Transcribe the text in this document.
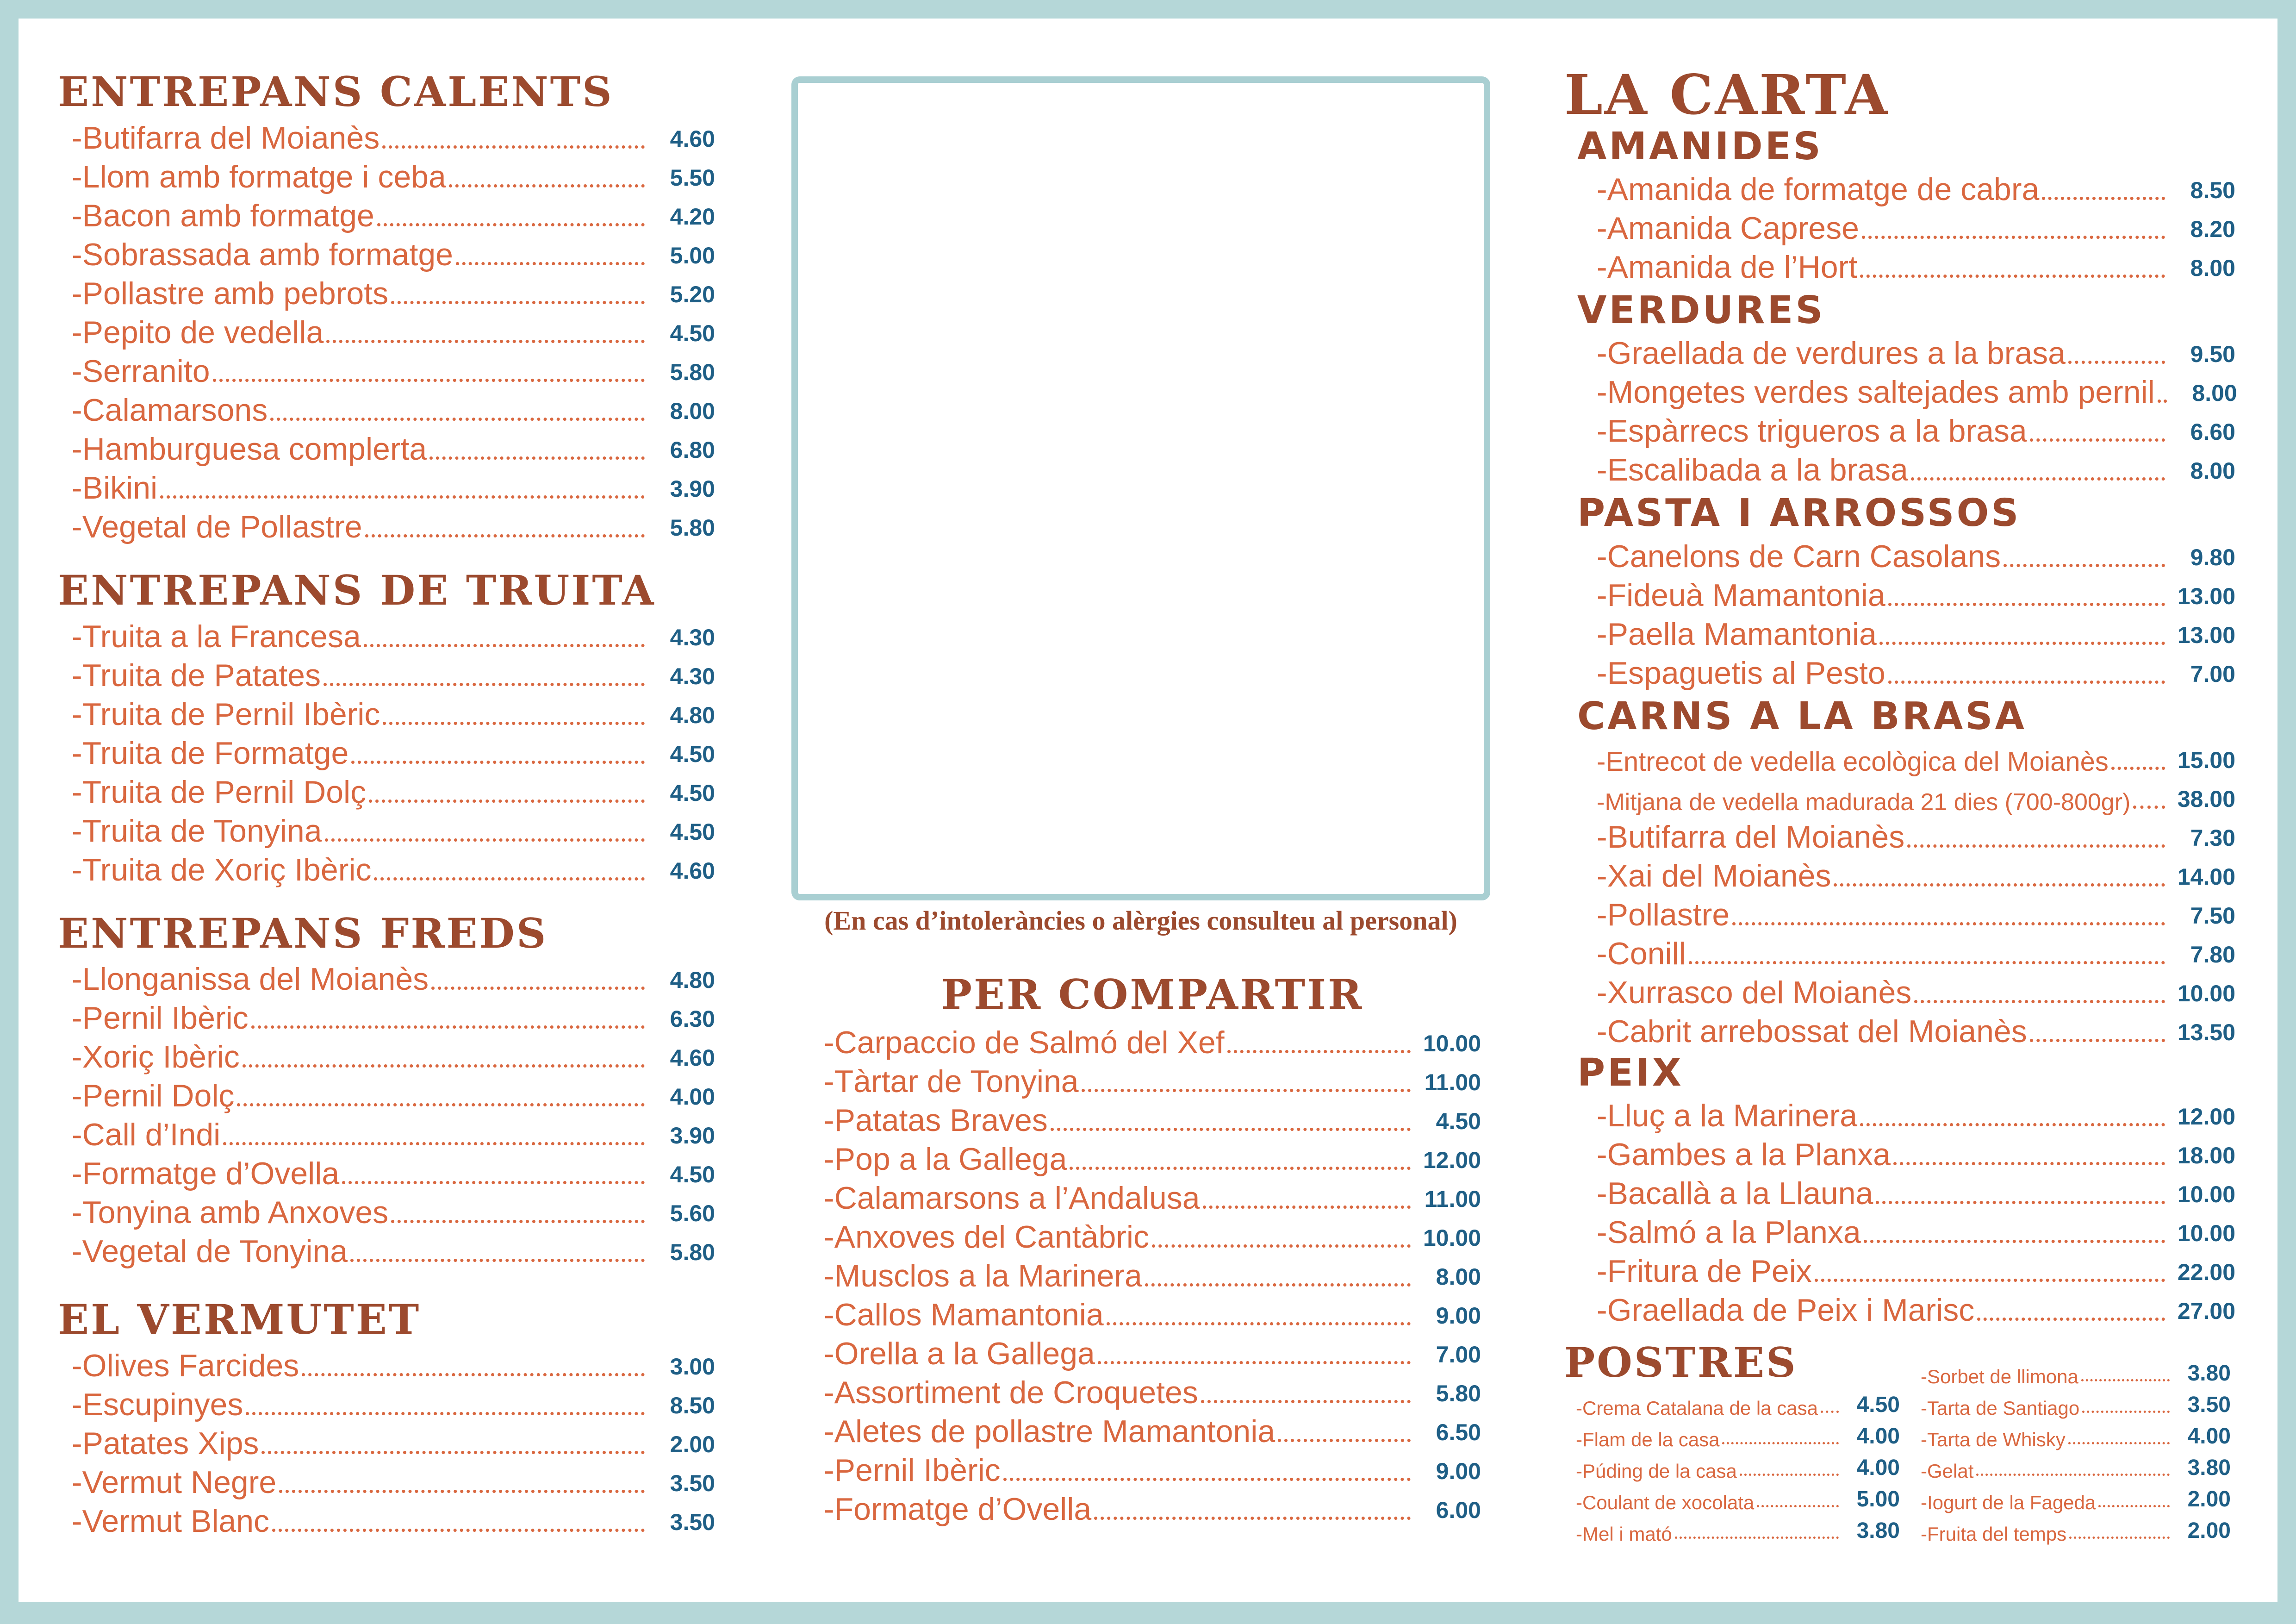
ENTREPANS CALENTS
-Butifarra del Moianès	4.60
-Llom amb formatge i ceba	5.50
-Bacon amb formatge	4.20
-Sobrassada amb formatge	5.00
-Pollastre amb pebrots	5.20
-Pepito de vedella	4.50
-Serranito	5.80
-Calamarsons	8.00
-Hamburguesa complerta	6.80
-Bikini	3.90
-Vegetal de Pollastre	5.80
ENTREPANS DE TRUITA
-Truita a la Francesa	4.30
-Truita de Patates	4.30
-Truita de Pernil Ibèric	4.80
-Truita de Formatge	4.50
-Truita de Pernil Dolç	4.50
-Truita de Tonyina	4.50
-Truita de Xoriç Ibèric	4.60
ENTREPANS FREDS
-Llonganissa del Moianès	4.80
-Pernil Ibèric	6.30
-Xoriç Ibèric	4.60
-Pernil Dolç	4.00
-Call d’Indi	3.90
-Formatge d’Ovella	4.50
-Tonyina amb Anxoves	5.60
-Vegetal de Tonyina	5.80
EL VERMUTET
-Olives Farcides	3.00
-Escupinyes	8.50
-Patates Xips	2.00
-Vermut Negre	3.50
-Vermut Blanc	3.50
(En cas d’intoleràncies o alèrgies consulteu al personal)
PER COMPARTIR
-Carpaccio de Salmó del Xef	10.00
-Tàrtar de Tonyina	11.00
-Patatas Braves	4.50
-Pop a la Gallega	12.00
-Calamarsons a l’Andalusa	11.00
-Anxoves del Cantàbric	10.00
-Musclos a la Marinera	8.00
-Callos Mamantonia	9.00
-Orella a la Gallega	7.00
-Assortiment de Croquetes	5.80
-Aletes de pollastre Mamantonia	6.50
-Pernil Ibèric	9.00
-Formatge d’Ovella	6.00
LA CARTA
AMANIDES
-Amanida de formatge de cabra	8.50
-Amanida Caprese	8.20
-Amanida de l’Hort	8.00
VERDURES
-Graellada de verdures a la brasa	9.50
-Mongetes verdes saltejades amb pernil	8.00
-Espàrrecs trigueros a la brasa	6.60
-Escalibada a la brasa	8.00
PASTA I ARROSSOS
-Canelons de Carn Casolans	9.80
-Fideuà Mamantonia	13.00
-Paella Mamantonia	13.00
-Espaguetis al Pesto	7.00
CARNS A LA BRASA
-Entrecot de vedella ecològica del Moianès	15.00
-Mitjana de vedella madurada 21 dies (700-800gr) 38.00
-Butifarra del Moianès	7.30
-Xai del Moianès	14.00
-Pollastre	7.50
-Conill	7.80
-Xurrasco del Moianès	10.00
-Cabrit arrebossat del Moianès	13.50
PEIX
-Lluç a la Marinera	12.00
-Gambes a la Planxa	18.00
-Bacallà a la Llauna	10.00
-Salmó a la Planxa	10.00
-Fritura de Peix	22.00
-Graellada de Peix i Marisc	27.00
POSTRES
-Crema Catalana de la casa	4.50
-Flam de la casa	4.00
-Púding de la casa	4.00
-Coulant de xocolata	5.00
-Mel i mató	3.80
-Sorbet de llimona	3.80
-Tarta de Santiago	3.50
-Tarta de Whisky	4.00
-Gelat	3.80
-Iogurt de la Fageda	2.00
-Fruita del temps	2.00
